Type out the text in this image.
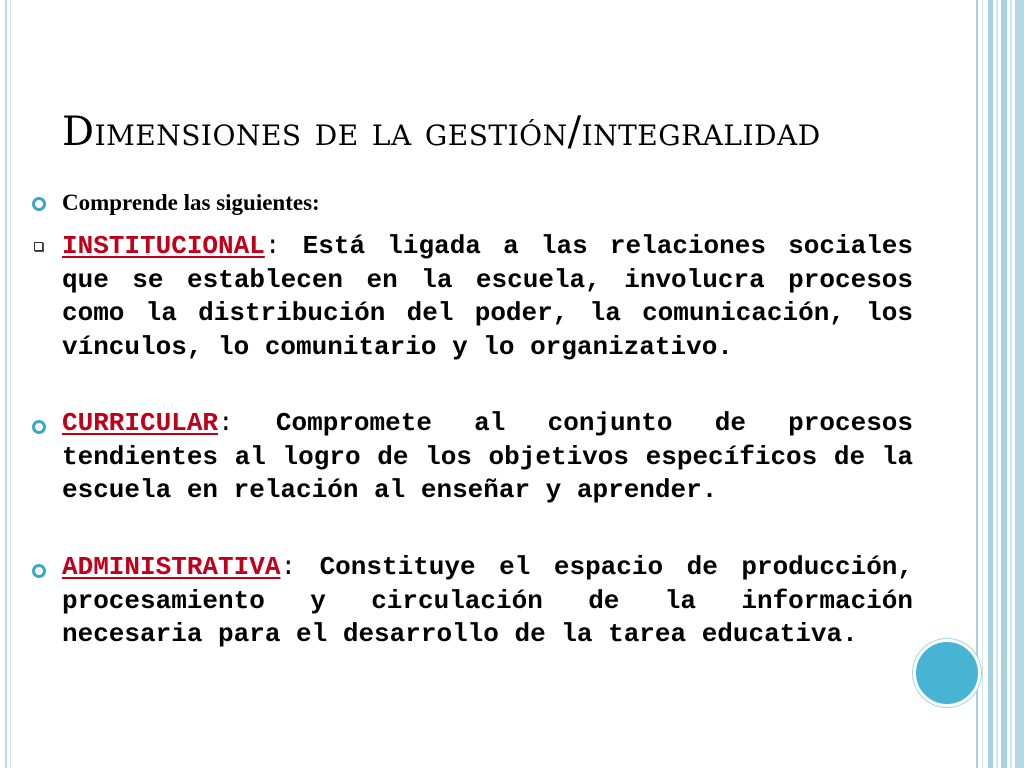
Dimensiones de la gestión/integralidad
Comprende las siguientes:
INSTITUCIONAL: Está ligada a las relaciones sociales que se establecen en la escuela, involucra procesos como la distribución del poder, la comunicación, los vínculos, lo comunitario y lo organizativo.
CURRICULAR: Compromete al conjunto de procesos tendientes al logro de los objetivos específicos de la escuela en relación al enseñar y aprender.
ADMINISTRATIVA: Constituye el espacio de producción, procesamiento y circulación de la información necesaria para el desarrollo de la tarea educativa.
